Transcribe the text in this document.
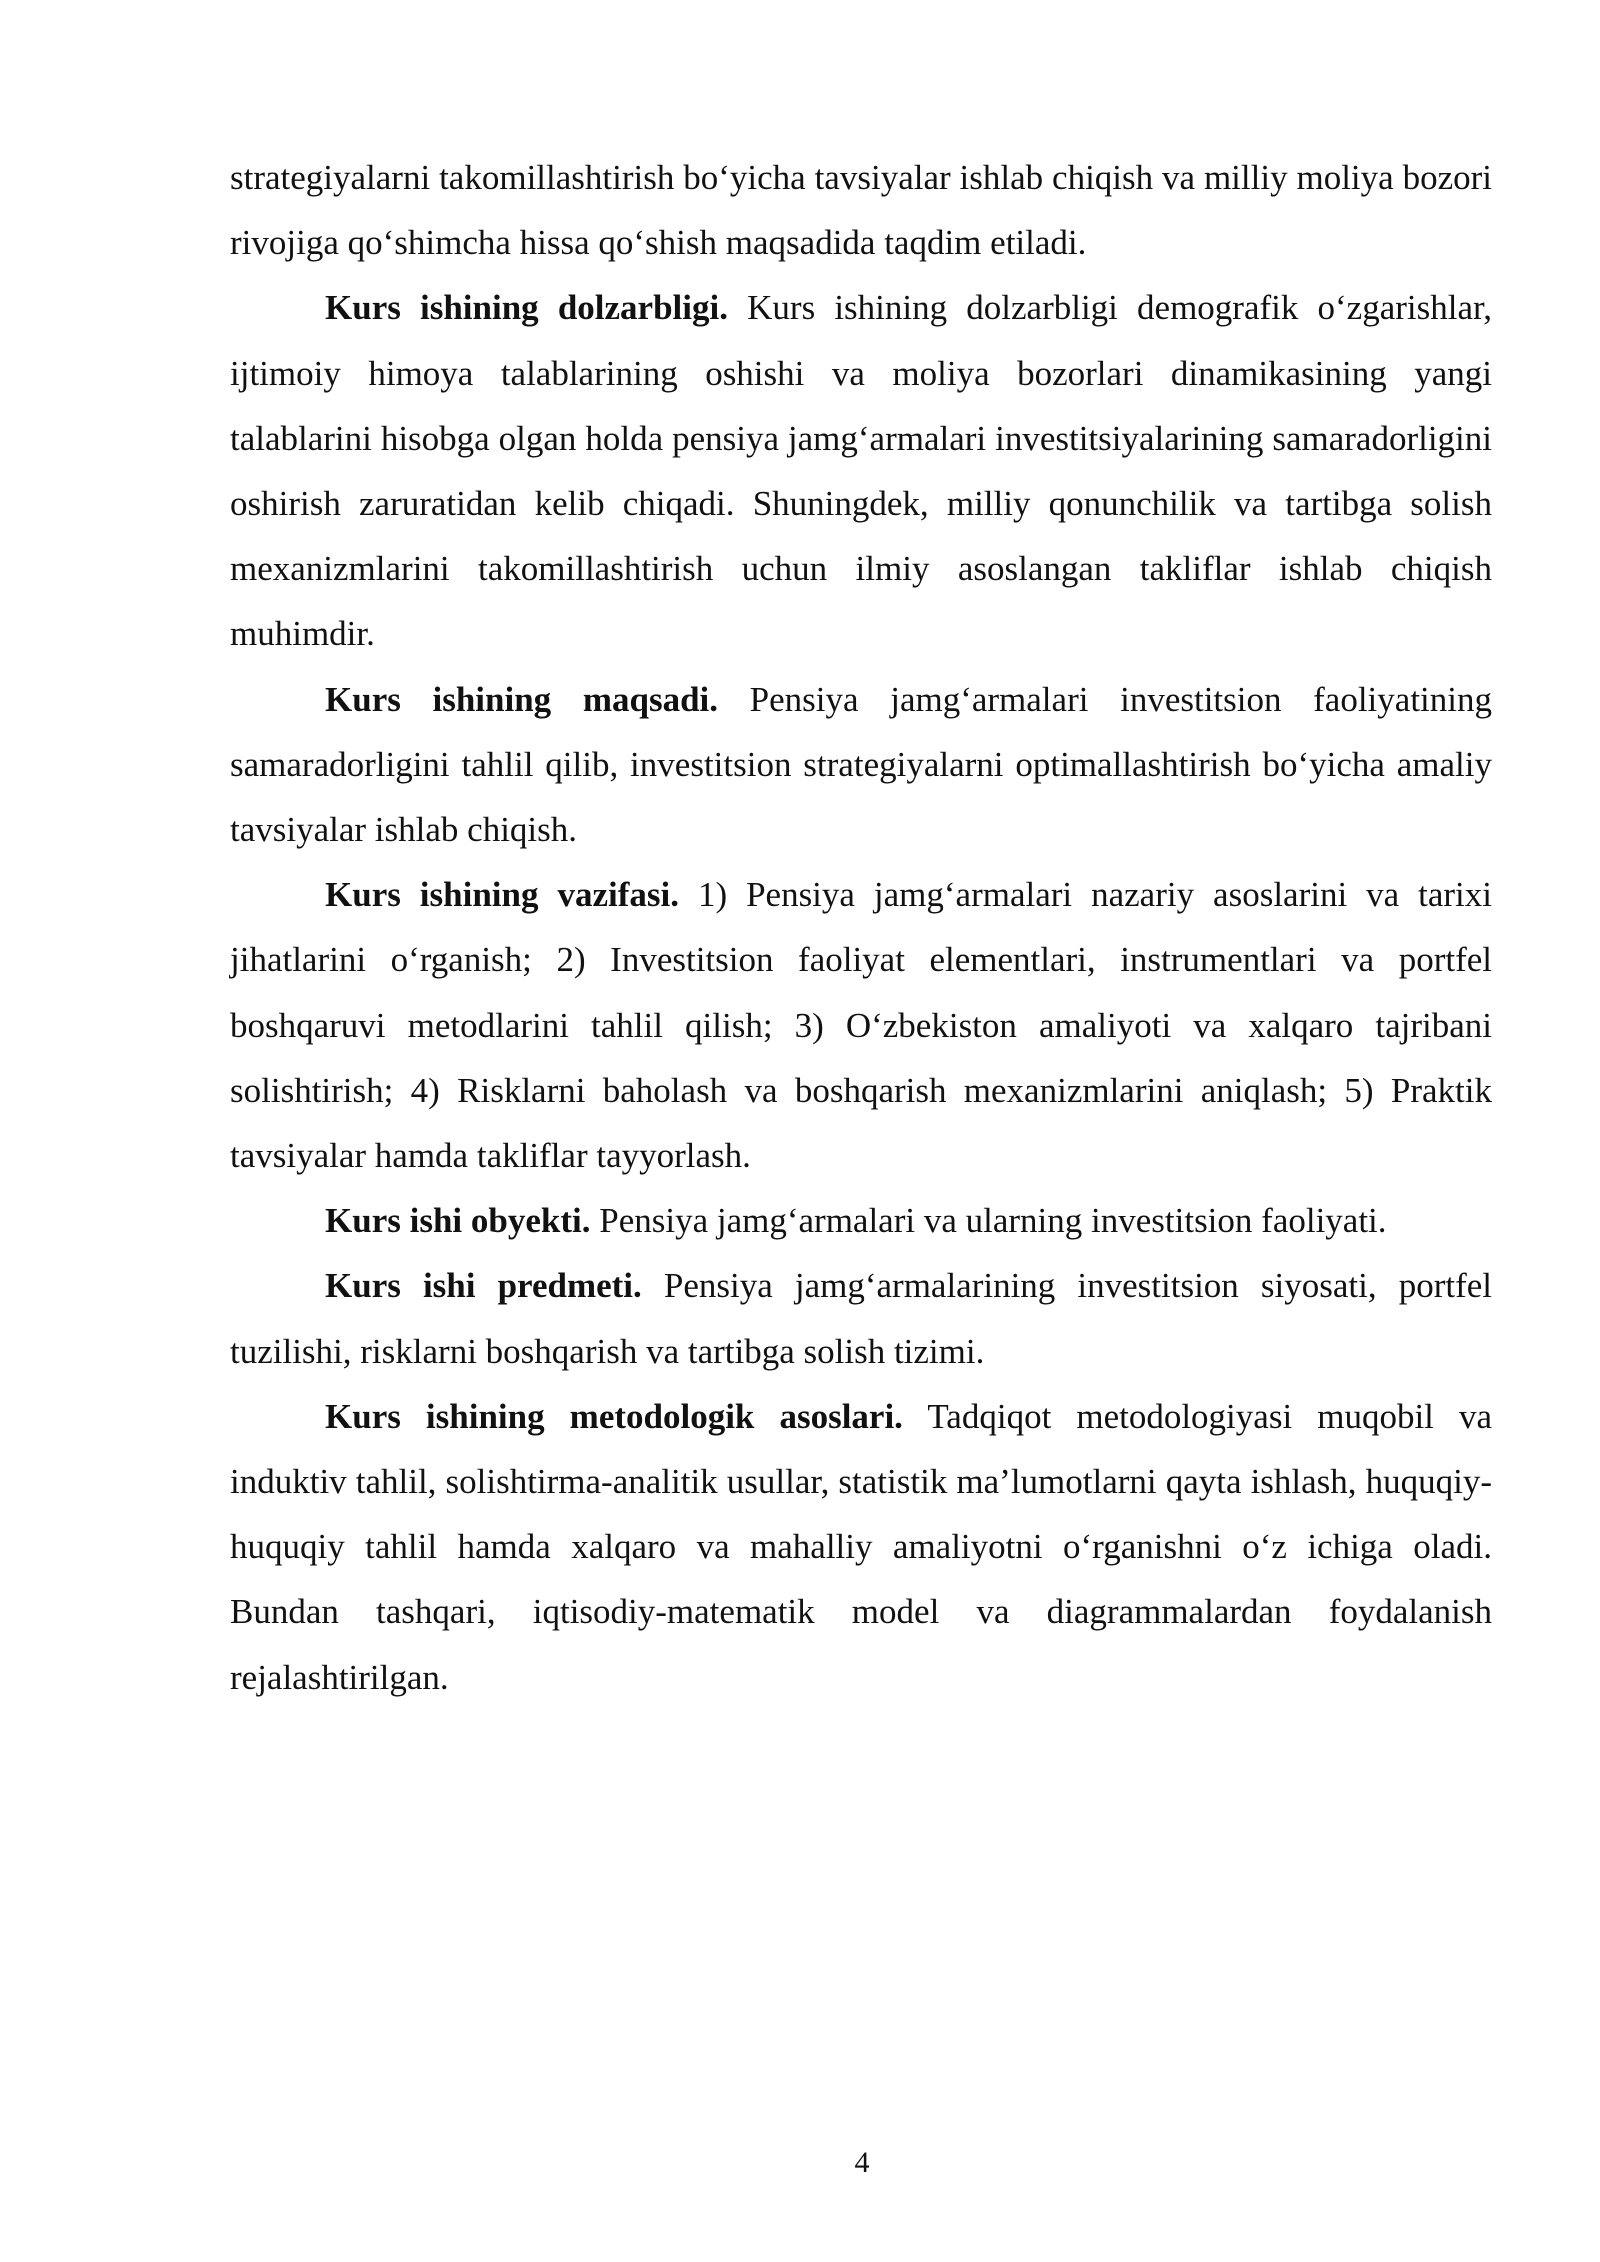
strategiyalarni takomillashtirish bo‘yicha tavsiyalar ishlab chiqish va milliy moliya bozori rivojiga qo‘shimcha hissa qo‘shish maqsadida taqdim etiladi.

Kurs ishining dolzarbligi. Kurs ishining dolzarbligi demografik o‘zgarishlar, ijtimoiy himoya talablarining oshishi va moliya bozorlari dinamikasining yangi talablarini hisobga olgan holda pensiya jamg‘armalari investitsiyalarining samaradorligini oshirish zaruratidan kelib chiqadi. Shuningdek, milliy qonunchilik va tartibga solish mexanizmlarini takomillashtirish uchun ilmiy asoslangan takliflar ishlab chiqish muhimdir.

Kurs ishining maqsadi. Pensiya jamg‘armalari investitsion faoliyatining samaradorligini tahlil qilib, investitsion strategiyalarni optimallashtirish bo‘yicha amaliy tavsiyalar ishlab chiqish.

Kurs ishining vazifasi. 1) Pensiya jamg‘armalari nazariy asoslarini va tarixi jihatlarini o‘rganish; 2) Investitsion faoliyat elementlari, instrumentlari va portfel boshqaruvi metodlarini tahlil qilish; 3) O‘zbekiston amaliyoti va xalqaro tajribani solishtirish; 4) Risklarni baholash va boshqarish mexanizmlarini aniqlash; 5) Praktik tavsiyalar hamda takliflar tayyorlash.

Kurs ishi obyekti. Pensiya jamg‘armalari va ularning investitsion faoliyati.

Kurs ishi predmeti. Pensiya jamg‘armalarining investitsion siyosati, portfel tuzilishi, risklarni boshqarish va tartibga solish tizimi.

Kurs ishining metodologik asoslari. Tadqiqot metodologiyasi muqobil va induktiv tahlil, solishtirma-analitik usullar, statistik ma’lumotlarni qayta ishlash, huquqiy-huquqiy tahlil hamda xalqaro va mahalliy amaliyotni o‘rganishni o‘z ichiga oladi. Bundan tashqari, iqtisodiy-matematik model va diagrammalardan foydalanish rejalashtirilgan.

4
